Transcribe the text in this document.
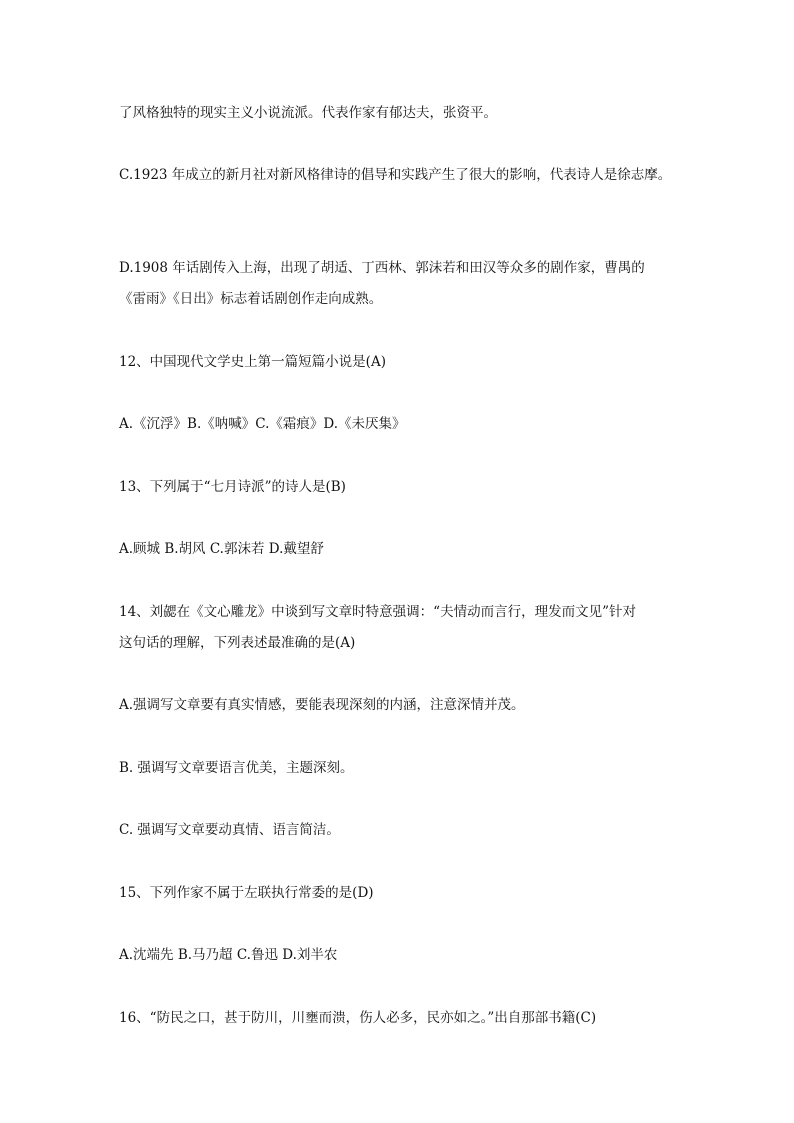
了风格独特的现实主义小说流派。代表作家有郁达夫，张资平。
C.1923 年成立的新月社对新风格律诗的倡导和实践产生了很大的影响，代表诗人是徐志摩。
D.1908 年话剧传入上海，出现了胡适、丁西林、郭沫若和田汉等众多的剧作家，曹禺的
《雷雨》《日出》标志着话剧创作走向成熟。
12、中国现代文学史上第一篇短篇小说是(A)
A.《沉浮》B.《呐喊》C.《霜痕》D.《未厌集》
13、下列属于“七月诗派”的诗人是(B)
A.顾城 B.胡风 C.郭沫若 D.戴望舒
14、刘勰在《文心雕龙》中谈到写文章时特意强调：“夫情动而言行，理发而文见”针对
这句话的理解，下列表述最准确的是(A)
A.强调写文章要有真实情感，要能表现深刻的内涵，注意深情并茂。
B. 强调写文章要语言优美，主题深刻。
C. 强调写文章要动真情、语言简洁。
15、下列作家不属于左联执行常委的是(D)
A.沈端先 B.马乃超 C.鲁迅 D.刘半农
16、“防民之口，甚于防川，川壅而溃，伤人必多，民亦如之。”出自那部书籍(C)
